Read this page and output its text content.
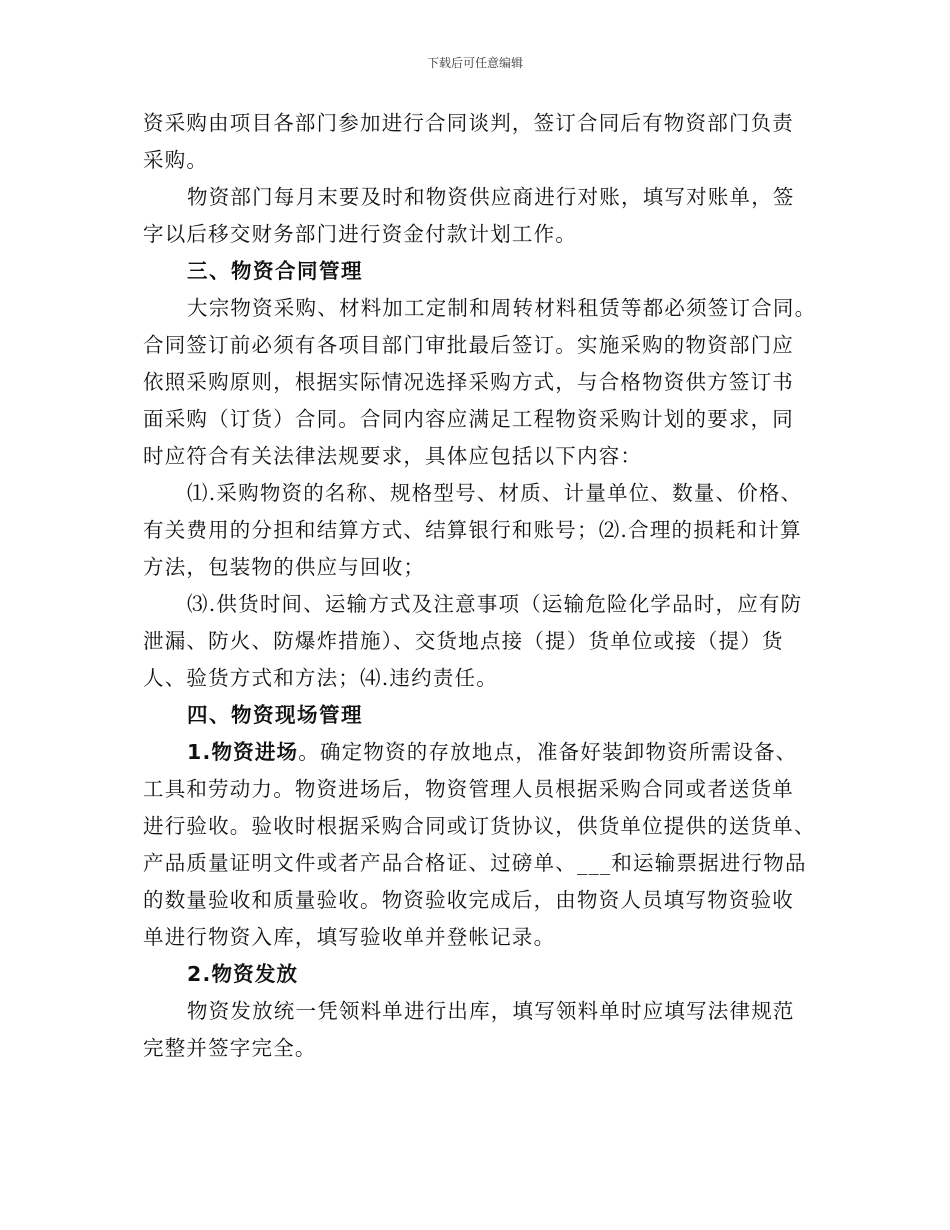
下载后可任意编辑
资采购由项目各部门参加进行合同谈判，签订合同后有物资部门负责
采购。
物资部门每月末要及时和物资供应商进行对账，填写对账单，签
字以后移交财务部门进行资金付款计划工作。
三、物资合同管理
大宗物资采购、材料加工定制和周转材料租赁等都必须签订合同。
合同签订前必须有各项目部门审批最后签订。实施采购的物资部门应
依照采购原则，根据实际情况选择采购方式，与合格物资供方签订书
面采购（订货）合同。合同内容应满足工程物资采购计划的要求，同
时应符合有关法律法规要求，具体应包括以下内容：
⑴.采购物资的名称、规格型号、材质、计量单位、数量、价格、
有关费用的分担和结算方式、结算银行和账号；⑵.合理的损耗和计算
方法，包装物的供应与回收；
⑶.供货时间、运输方式及注意事项（运输危险化学品时，应有防
泄漏、防火、防爆炸措施）、交货地点接（提）货单位或接（提）货
人、验货方式和方法；⑷.违约责任。
四、物资现场管理
1.物资进场。确定物资的存放地点，准备好装卸物资所需设备、
工具和劳动力。物资进场后，物资管理人员根据采购合同或者送货单
进行验收。验收时根据采购合同或订货协议，供货单位提供的送货单、
产品质量证明文件或者产品合格证、过磅单、___和运输票据进行物品
的数量验收和质量验收。物资验收完成后，由物资人员填写物资验收
单进行物资入库，填写验收单并登帐记录。
2.物资发放
物资发放统一凭领料单进行出库，填写领料单时应填写法律规范
完整并签字完全。
